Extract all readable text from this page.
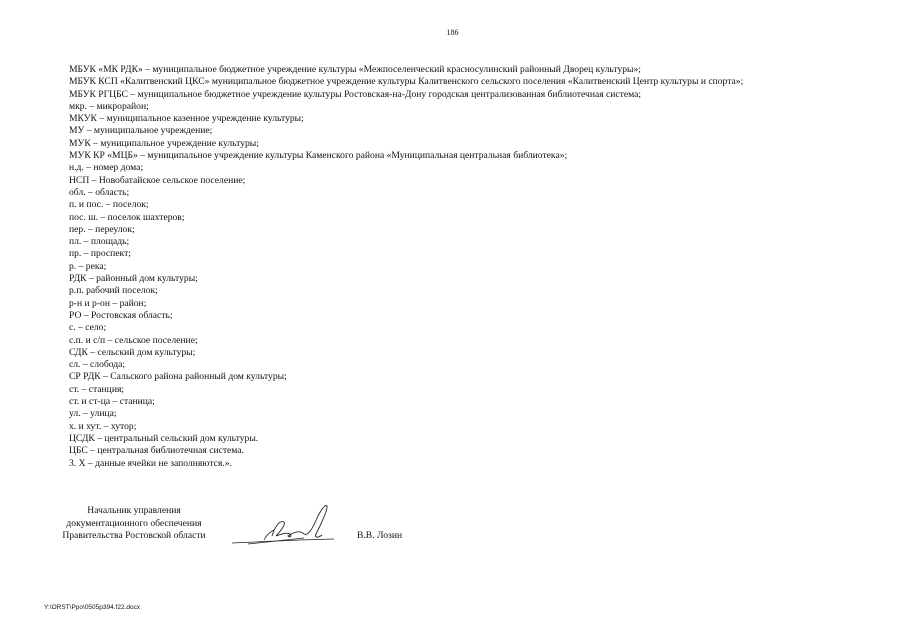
186
МБУК «МК РДК» – муниципальное бюджетное учреждение культуры «Межпоселенческий красносулинский районный Дворец культуры»;
МБУК КСП «Калитвенский ЦКС» муниципальное бюджетное учреждение культуры Калитвенского сельского поселения «Калитвенский Центр культуры и спорта»;
МБУК РГЦБС – муниципальное бюджетное учреждение культуры Ростовская-на-Дону городская централизованная библиотечная система;
мкр. – микрорайон;
МКУК – муниципальное казенное учреждение культуры;
МУ – муниципальное учреждение;
МУК – муниципальное учреждение культуры;
МУК КР «МЦБ» – муниципальное учреждение культуры Каменского района «Муниципальная центральная библиотека»;
н.д. – номер дома;
НСП – Новобатайское сельское поселение;
обл. – область;
п. и пос. – поселок;
пос. ш. – поселок шахтеров;
пер. – переулок;
пл. – площадь;
пр. – проспект;
р. – река;
РДК – районный дом культуры;
р.п. рабочий поселок;
р-н и р-он – район;
РО – Ростовская область;
с. – село;
с.п. и с/п – сельское поселение;
СДК – сельский дом культуры;
сл. – слобода;
СР РДК – Сальского района районный дом культуры;
ст. – станция;
ст. и ст-ца – станица;
ул. – улица;
х. и хут. – хутор;
ЦСДК – центральный сельский дом культуры.
ЦБС – центральная библиотечная система.
3. Х – данные ячейки не заполняются.».
Начальник управления
документационного обеспечения
Правительства Ростовской области	В.В. Лозин
Y:\ORST\Ppo\0505p394.f22.docx
